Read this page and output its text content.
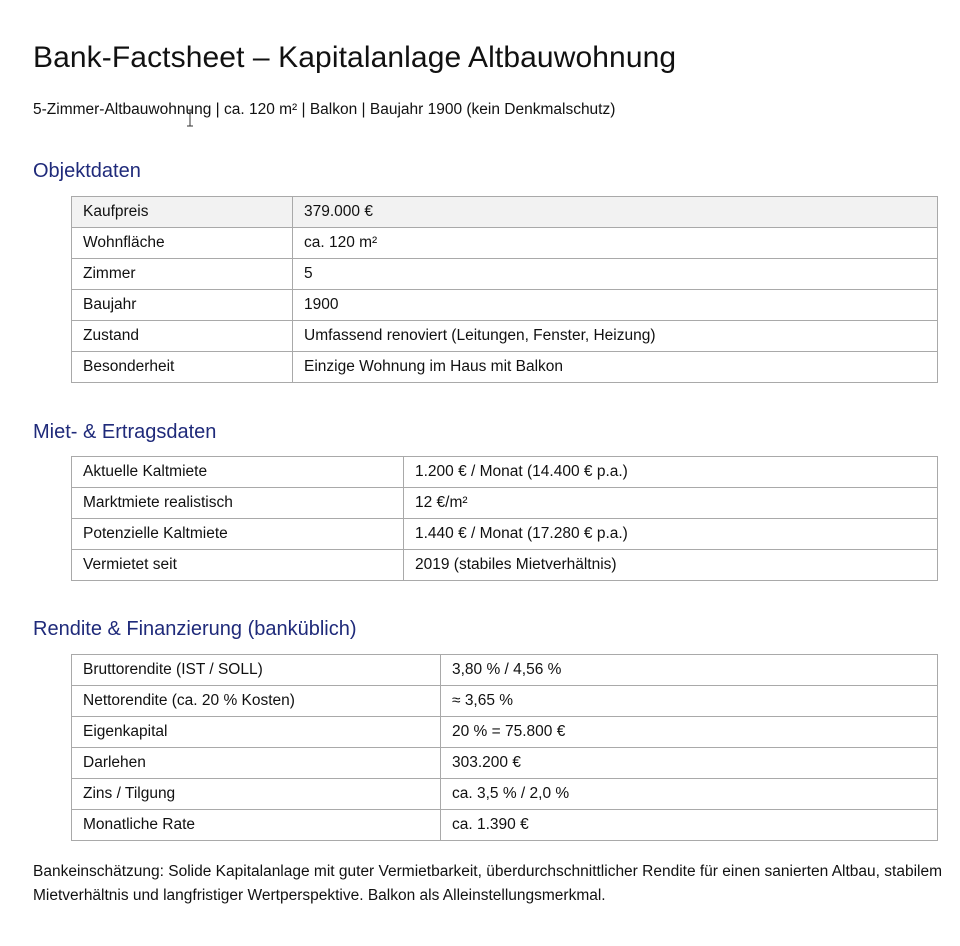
Bank-Factsheet – Kapitalanlage Altbauwohnung

5-Zimmer-Altbauwohnung | ca. 120 m² | Balkon | Baujahr 1900 (kein Denkmalschutz)

Objektdaten
Kaufpreis	379.000 €
Wohnfläche	ca. 120 m²
Zimmer	5
Baujahr	1900
Zustand	Umfassend renoviert (Leitungen, Fenster, Heizung)
Besonderheit	Einzige Wohnung im Haus mit Balkon
Miet- & Ertragsdaten
Aktuelle Kaltmiete	1.200 € / Monat (14.400 € p.a.)
Marktmiete realistisch	12 €/m²
Potenzielle Kaltmiete	1.440 € / Monat (17.280 € p.a.)
Vermietet seit	2019 (stabiles Mietverhältnis)
Rendite & Finanzierung (banküblich)
Bruttorendite (IST / SOLL)	3,80 % / 4,56 %
Nettorendite (ca. 20 % Kosten)	≈ 3,65 %
Eigenkapital	20 % = 75.800 €
Darlehen	303.200 €
Zins / Tilgung	ca. 3,5 % / 2,0 %
Monatliche Rate	ca. 1.390 €

Bankeinschätzung: Solide Kapitalanlage mit guter Vermietbarkeit, überdurchschnittlicher Rendite für einen sanierten Altbau, stabilem Mietverhältnis und langfristiger Wertperspektive. Balkon als Alleinstellungsmerkmal.
